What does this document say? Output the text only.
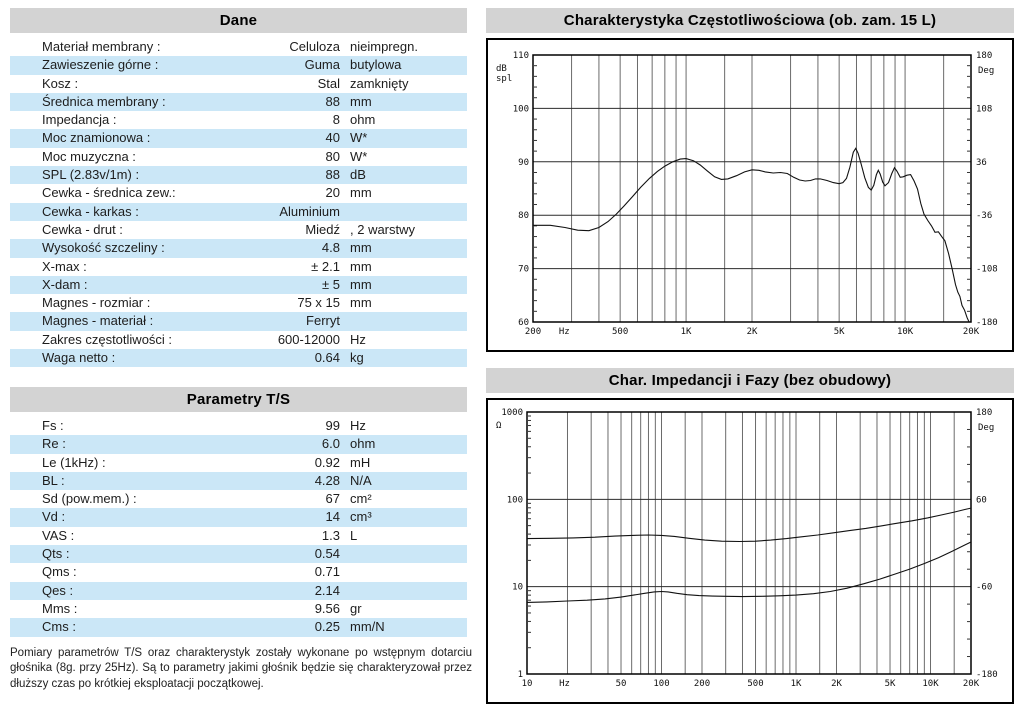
Dane
Materiał membrany :	Celuloza nieimpregn.
Zawieszenie górne :	Guma butylowa
Kosz :	Stal zamknięty
Średnica membrany :	88 mm
Impedancja :	8 ohm
Moc znamionowa :	40 W*
Moc muzyczna :	80 W*
SPL (2.83v/1m) :	88 dB
Cewka - średnica zew.:	20 mm
Cewka - karkas :	Aluminium
Cewka - drut :	Miedź , 2 warstwy
Wysokość szczeliny :	4.8 mm
X-max :	± 2.1 mm
X-dam :	± 5 mm
Magnes - rozmiar :	75 x 15 mm
Magnes - materiał :	Ferryt
Zakres częstotliwości :	600-12000 Hz
Waga netto :	0.64 kg
Parametry T/S
Fs :	99 Hz
Re :	6.0 ohm
Le (1kHz) :	0.92 mH
BL :	4.28 N/A
Sd (pow.mem.) :	67 cm²
Vd :	14 cm³
VAS :	1.3 L
Qts :	0.54
Qms :	0.71
Qes :	2.14
Mms :	9.56 gr
Cms :	0.25 mm/N

Pomiary parametrów T/S oraz charakterystyk zostały wykonane po wstępnym dotarciu głośnika (8g. przy 25Hz). Są to parametry jakimi głośnik będzie się charakteryzował przez dłuższy czas po krótkiej eksploatacji początkowej.

Charakterystyka Częstotliwościowa (ob. zam. 15 L)
110
100
90
80
70
60
dB
spl
180
108
36
-36
-108
-180
Deg
200 Hz	500	1K	2K	5K	10K	20K
Char. Impedancji i Fazy (bez obudowy)
1000
100
10
1
Ω
180
60
-60
-180
Deg
10	Hz	50	100	200	500	1K	2K	5K	10K	20K
